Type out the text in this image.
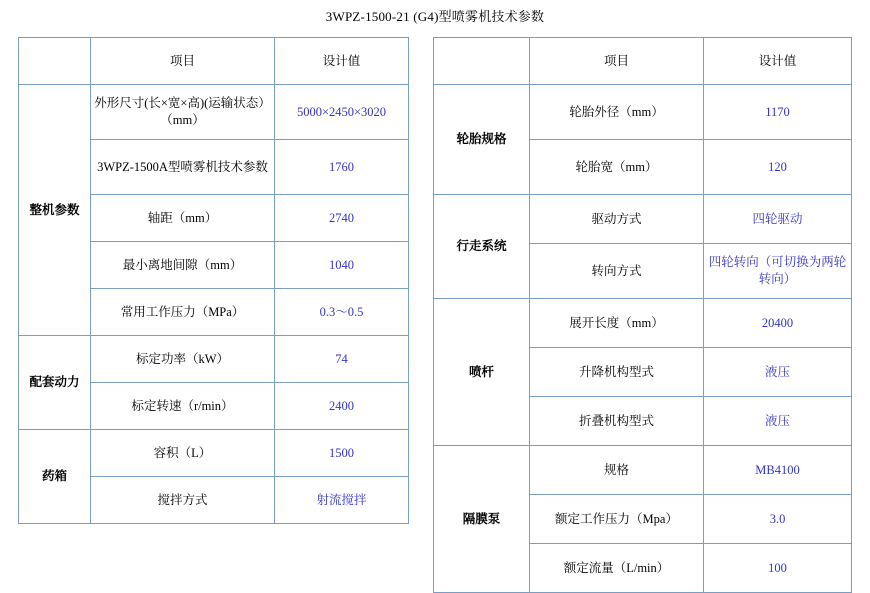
3WPZ-1500-21 (G4)型喷雾机技术参数
	项目	设计值
整机参数	外形尺寸(长×宽×高)(运输状态）（mm）	5000×2450×3020
	3WPZ-1500A型喷雾机技术参数	1760
	轴距（mm）	2740
	最小离地间隙（mm）	1040
	常用工作压力（MPa）	0.3～0.5
配套动力	标定功率（kW）	74
	标定转速（r/min）	2400
药箱	容积（L）	1500
	搅拌方式	射流搅拌
	项目	设计值
轮胎规格	轮胎外径（mm）	1170
	轮胎宽（mm）	120
行走系统	驱动方式	四轮驱动
	转向方式	四轮转向（可切换为两轮转向）
喷杆	展开长度（mm）	20400
	升降机构型式	液压
	折叠机构型式	液压
隔膜泵	规格	MB4100
	额定工作压力（Mpa）	3.0
	额定流量（L/min）	100
